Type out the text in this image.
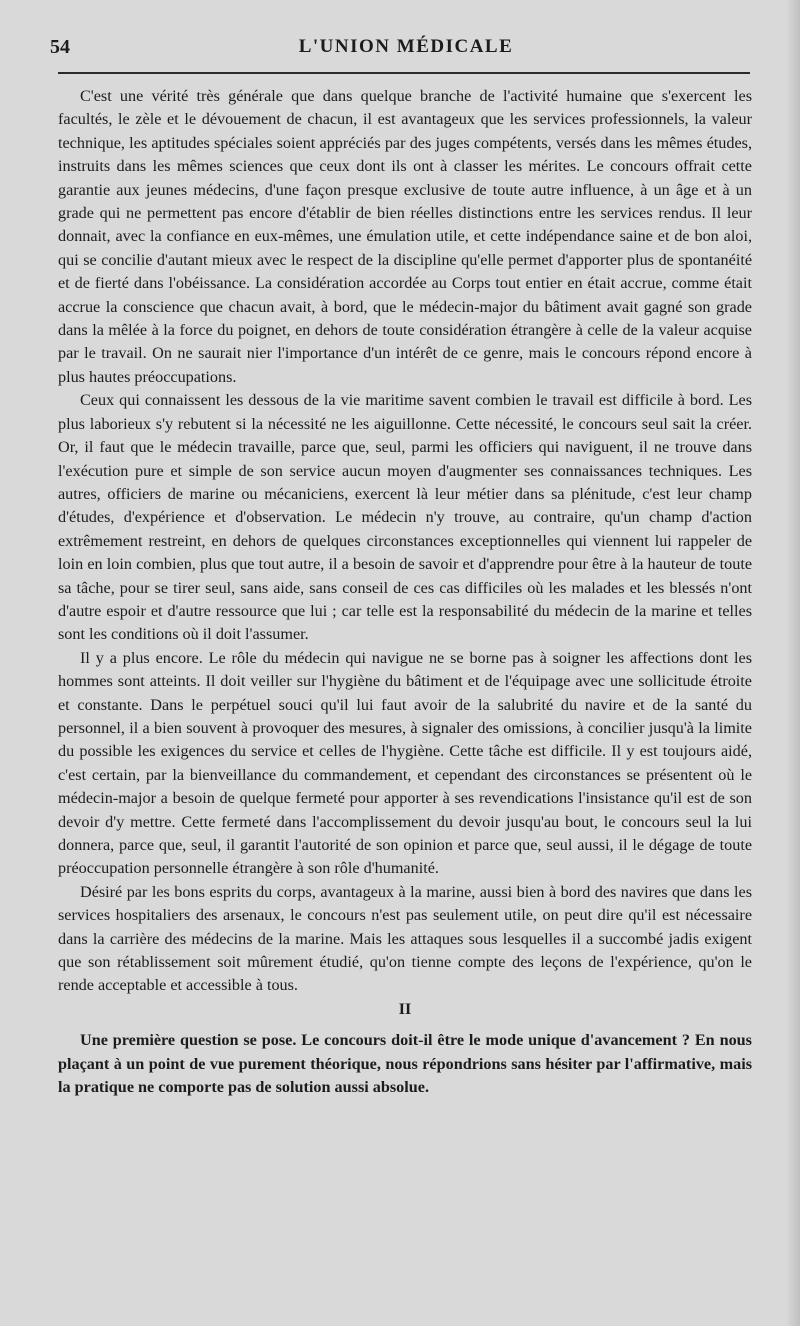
54	L'UNION MÉDICALE

C'est une vérité très générale que dans quelque branche de l'activité humaine que s'exercent les facultés, le zèle et le dévouement de chacun, il est avantageux que les services professionnels, la valeur technique, les aptitudes spéciales soient appréciés par des juges compétents, versés dans les mêmes études, instruits dans les mêmes sciences que ceux dont ils ont à classer les mérites. Le concours offrait cette garantie aux jeunes médecins, d'une façon presque exclusive de toute autre influence, à un âge et à un grade qui ne permettent pas encore d'établir de bien réelles distinctions entre les services rendus. Il leur donnait, avec la confiance en eux-mêmes, une émulation utile, et cette indépendance saine et de bon aloi, qui se concilie d'autant mieux avec le respect de la discipline qu'elle permet d'apporter plus de spontanéité et de fierté dans l'obéissance. La considération accordée au Corps tout entier en était accrue, comme était accrue la conscience que chacun avait, à bord, que le médecin-major du bâtiment avait gagné son grade dans la mêlée à la force du poignet, en dehors de toute considération étrangère à celle de la valeur acquise par le travail. On ne saurait nier l'importance d'un intérêt de ce genre, mais le concours répond encore à plus hautes préoccupations.

Ceux qui connaissent les dessous de la vie maritime savent combien le travail est difficile à bord. Les plus laborieux s'y rebutent si la nécessité ne les aiguillonne. Cette nécessité, le concours seul sait la créer. Or, il faut que le médecin travaille, parce que, seul, parmi les officiers qui naviguent, il ne trouve dans l'exécution pure et simple de son service aucun moyen d'augmenter ses connaissances techniques. Les autres, officiers de marine ou mécaniciens, exercent là leur métier dans sa plénitude, c'est leur champ d'études, d'expérience et d'observation. Le médecin n'y trouve, au contraire, qu'un champ d'action extrêmement restreint, en dehors de quelques circonstances exceptionnelles qui viennent lui rappeler de loin en loin combien, plus que tout autre, il a besoin de savoir et d'apprendre pour être à la hauteur de toute sa tâche, pour se tirer seul, sans aide, sans conseil de ces cas difficiles où les malades et les blessés n'ont d'autre espoir et d'autre ressource que lui ; car telle est la responsabilité du médecin de la marine et telles sont les conditions où il doit l'assumer.

Il y a plus encore. Le rôle du médecin qui navigue ne se borne pas à soigner les affections dont les hommes sont atteints. Il doit veiller sur l'hygiène du bâtiment et de l'équipage avec une sollicitude étroite et constante. Dans le perpétuel souci qu'il lui faut avoir de la salubrité du navire et de la santé du personnel, il a bien souvent à provoquer des mesures, à signaler des omissions, à concilier jusqu'à la limite du possible les exigences du service et celles de l'hygiène. Cette tâche est difficile. Il y est toujours aidé, c'est certain, par la bienveillance du commandement, et cependant des circonstances se présentent où le médecin-major a besoin de quelque fermeté pour apporter à ses revendications l'insistance qu'il est de son devoir d'y mettre. Cette fermeté dans l'accomplissement du devoir jusqu'au bout, le concours seul la lui donnera, parce que, seul, il garantit l'autorité de son opinion et parce que, seul aussi, il le dégage de toute préoccupation personnelle étrangère à son rôle d'humanité.

Désiré par les bons esprits du corps, avantageux à la marine, aussi bien à bord des navires que dans les services hospitaliers des arsenaux, le concours n'est pas seulement utile, on peut dire qu'il est nécessaire dans la carrière des médecins de la marine. Mais les attaques sous lesquelles il a succombé jadis exigent que son rétablissement soit mûrement étudié, qu'on tienne compte des leçons de l'expérience, qu'on le rende acceptable et accessible à tous.

II

Une première question se pose. Le concours doit-il être le mode unique d'avancement ? En nous plaçant à un point de vue purement théorique, nous répondrions sans hésiter par l'affirmative, mais la pratique ne comporte pas de solution aussi absolue.
